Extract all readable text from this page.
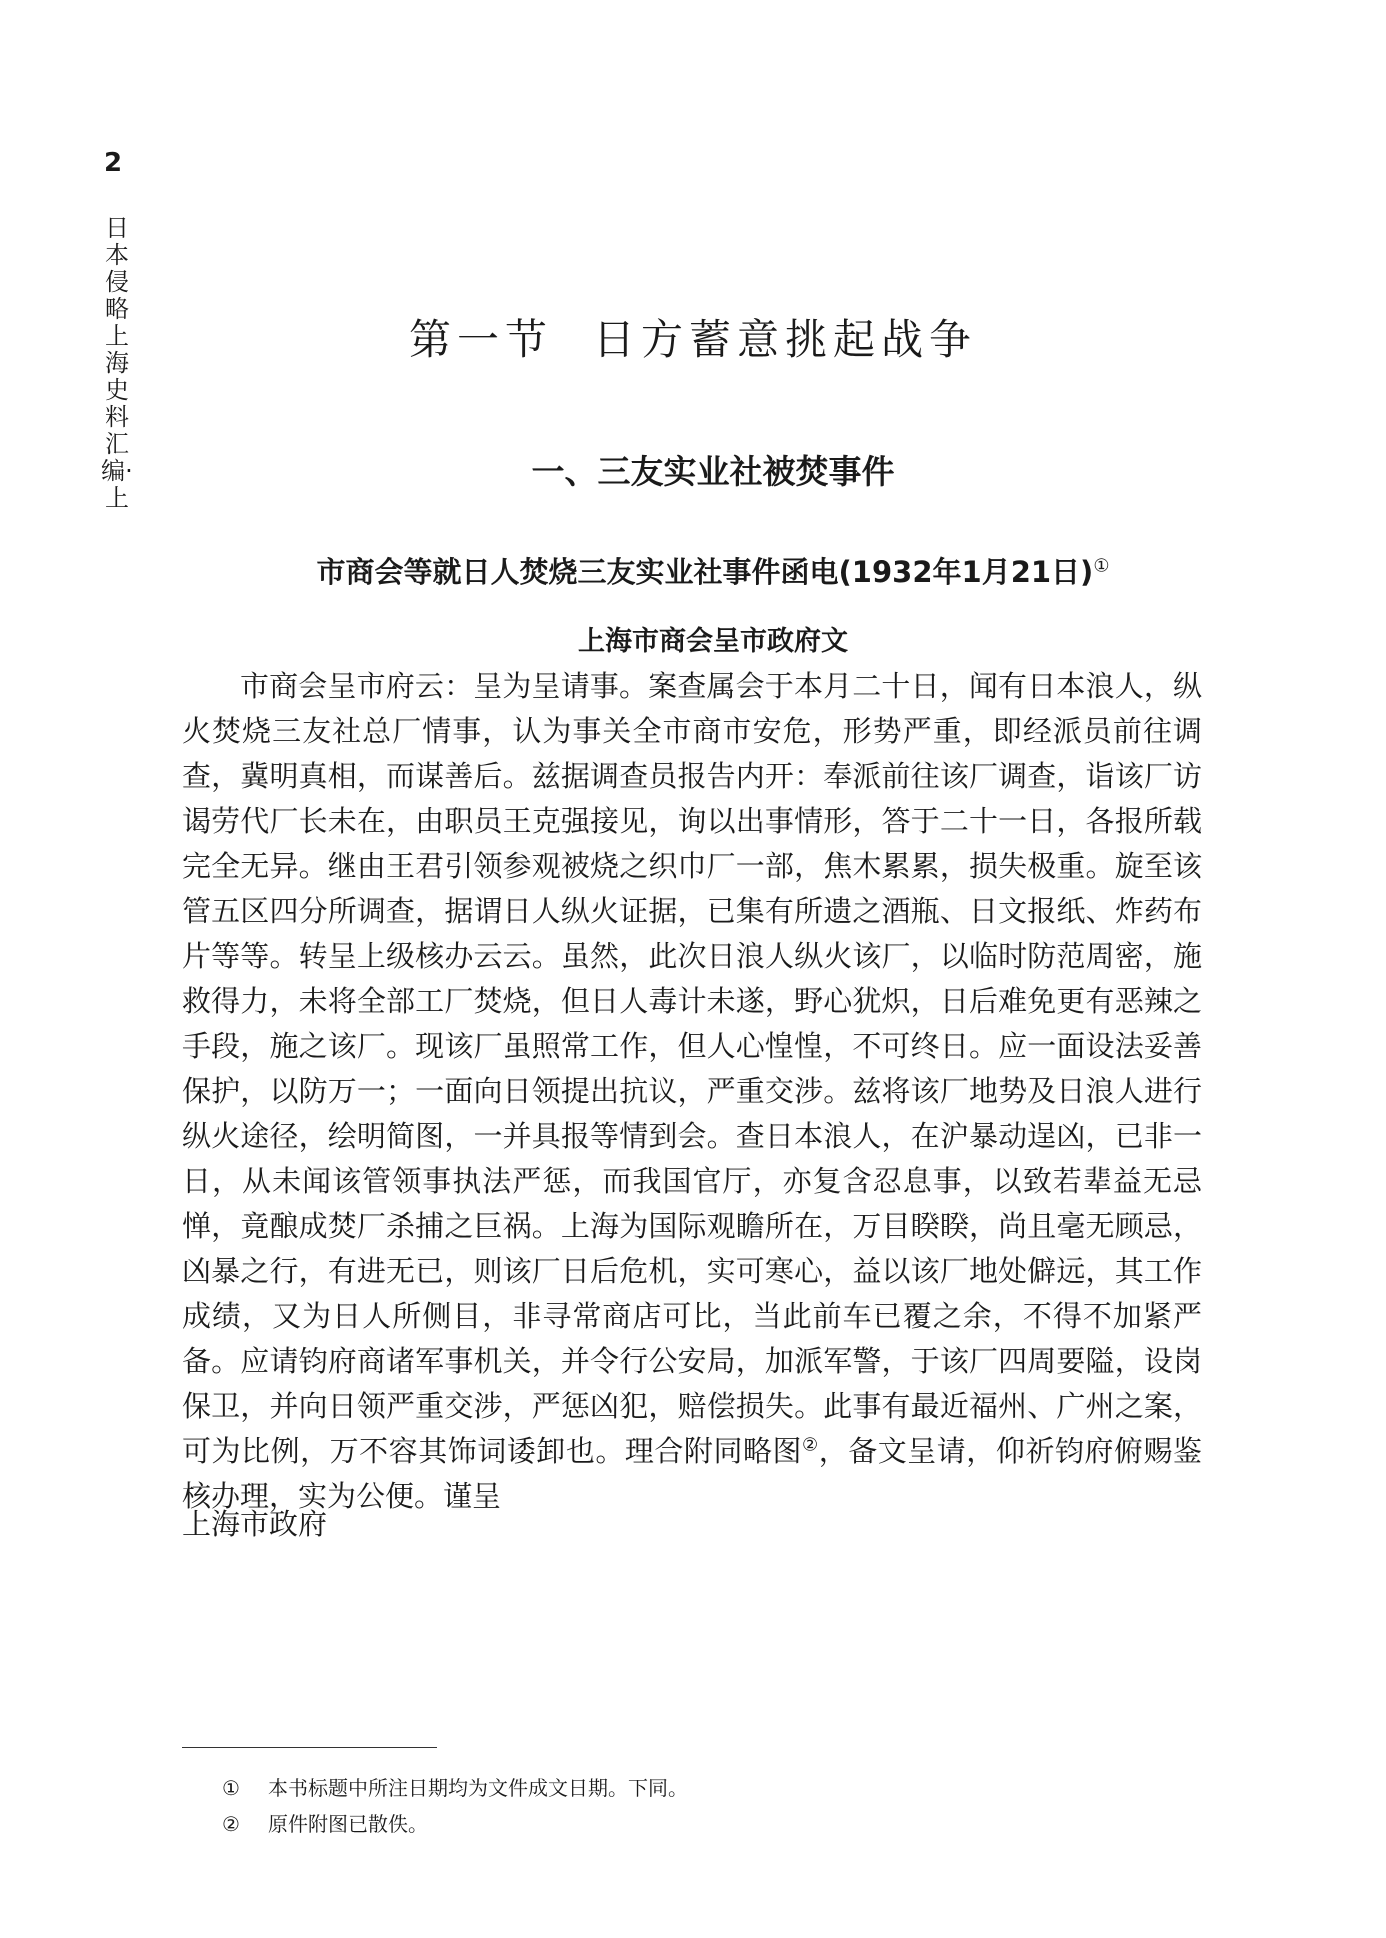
2
日本侵略上海史料汇编·上
第一节 日方蓄意挑起战争
一、三友实业社被焚事件
市商会等就日人焚烧三友实业社事件函电(1932年1月21日)①
上海市商会呈市政府文

市商会呈市府云：呈为呈请事。案查属会于本月二十日，闻有日本浪人，纵火焚烧三友社总厂情事，认为事关全市商市安危，形势严重，即经派员前往调查，冀明真相，而谋善后。兹据调查员报告内开：奉派前往该厂调查，诣该厂访谒劳代厂长未在，由职员王克强接见，询以出事情形，答于二十一日，各报所载完全无异。继由王君引领参观被烧之织巾厂一部，焦木累累，损失极重。旋至该管五区四分所调查，据谓日人纵火证据，已集有所遗之酒瓶、日文报纸、炸药布片等等。转呈上级核办云云。虽然，此次日浪人纵火该厂，以临时防范周密，施救得力，未将全部工厂焚烧，但日人毒计未遂，野心犹炽，日后难免更有恶辣之手段，施之该厂。现该厂虽照常工作，但人心惶惶，不可终日。应一面设法妥善保护，以防万一；一面向日领提出抗议，严重交涉。兹将该厂地势及日浪人进行纵火途径，绘明简图，一并具报等情到会。查日本浪人，在沪暴动逞凶，已非一日，从未闻该管领事执法严惩，而我国官厅，亦复含忍息事，以致若辈益无忌惮，竟酿成焚厂杀捕之巨祸。上海为国际观瞻所在，万目睽睽，尚且毫无顾忌，凶暴之行，有进无已，则该厂日后危机，实可寒心，益以该厂地处僻远，其工作成绩，又为日人所侧目，非寻常商店可比，当此前车已覆之余，不得不加紧严备。应请钧府商诸军事机关，并令行公安局，加派军警，于该厂四周要隘，设岗保卫，并向日领严重交涉，严惩凶犯，赔偿损失。此事有最近福州、广州之案，可为比例，万不容其饰词诿卸也。理合附同略图②，备文呈请，仰祈钧府俯赐鉴核办理，实为公便。谨呈

上海市政府

① 本书标题中所注日期均为文件成文日期。下同。
② 原件附图已散佚。
